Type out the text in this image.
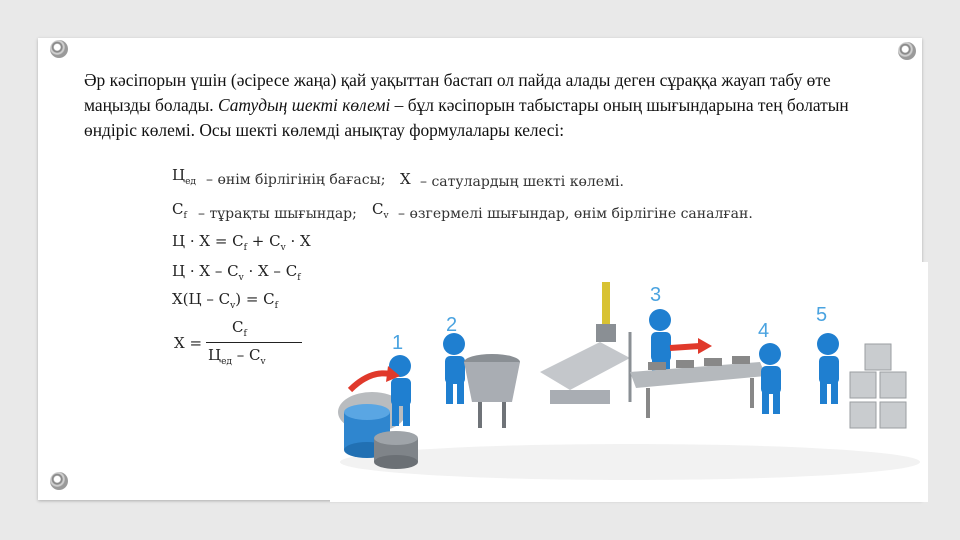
Әр кәсіпорын үшін (әсіресе жаңа) қай уақыттан бастап ол пайда алады деген сұраққа жауап табу өте маңызды болады. Сатудың шекті көлемі – бұл кәсіпорын табыстары оның шығындарына тең болатын өндіріс көлемі. Осы шекті көлемді анықтау формулалары келесі:
$Ц_{ед}$ – өнім бірлігінің бағасы; X – сатулардың шекті көлемі.
$C_f$ – тұрақты шығындар; $C_v$ – өзгермелі шығындар, өнім бірлігіне саналған.
$Ц \cdot X = C_f + C_v \cdot X$
$Ц \cdot X - C_v \cdot X - C_f$
$X(Ц - C_v) = C_f$
X =
$C_f$
$Ц_{ед} - C_v$
1
2
3
4
5
